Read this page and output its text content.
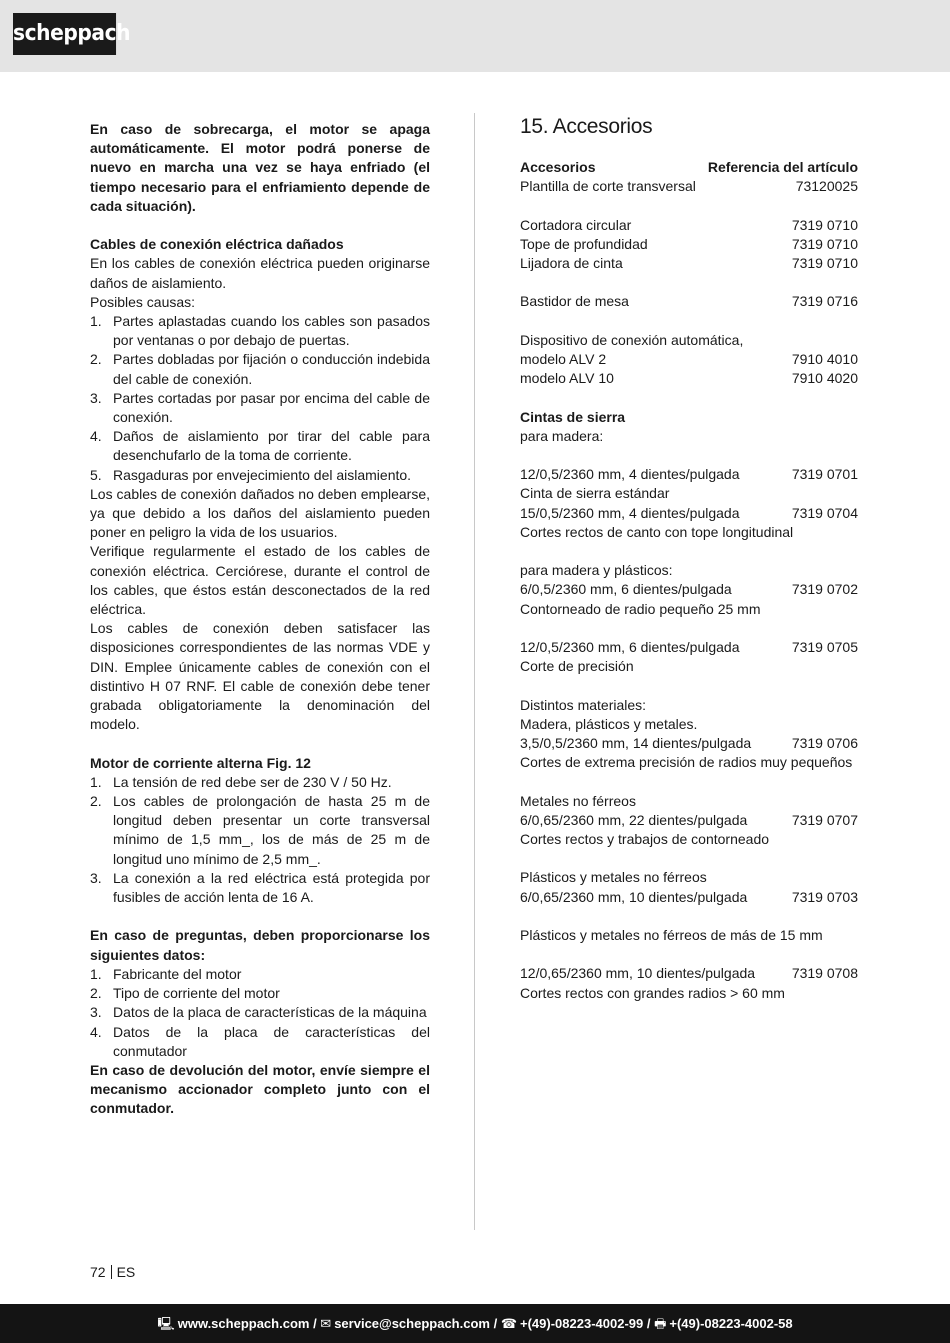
scheppach
En caso de sobrecarga, el motor se apaga automáticamente. El motor podrá ponerse de nuevo en marcha una vez se haya enfriado (el tiempo necesario para el enfriamiento depende de cada situación).
Cables de conexión eléctrica dañados
En los cables de conexión eléctrica pueden originarse daños de aislamiento.
Posibles causas:
1. Partes aplastadas cuando los cables son pasados por ventanas o por debajo de puertas.
2. Partes dobladas por fijación o conducción indebida del cable de conexión.
3. Partes cortadas por pasar por encima del cable de conexión.
4. Daños de aislamiento por tirar del cable para desenchufarlo de la toma de corriente.
5. Rasgaduras por envejecimiento del aislamiento.
Los cables de conexión dañados no deben emplearse, ya que debido a los daños del aislamiento pueden poner en peligro la vida de los usuarios.
Verifique regularmente el estado de los cables de conexión eléctrica. Cerciórese, durante el control de los cables, que éstos están desconectados de la red eléctrica.
Los cables de conexión deben satisfacer las disposiciones correspondientes de las normas VDE y DIN. Emplee únicamente cables de conexión con el distintivo H 07 RNF. El cable de conexión debe tener grabada obligatoriamente la denominación del modelo.
Motor de corriente alterna Fig. 12
1. La tensión de red debe ser de 230 V / 50 Hz.
2. Los cables de prolongación de hasta 25 m de longitud deben presentar un corte transversal mínimo de 1,5 mm_, los de más de 25 m de longitud uno mínimo de 2,5 mm_.
3. La conexión a la red eléctrica está protegida por fusibles de acción lenta de 16 A.
En caso de preguntas, deben proporcionarse los siguientes datos:
1. Fabricante del motor
2. Tipo de corriente del motor
3. Datos de la placa de características de la máquina
4. Datos de la placa de características del conmutador
En caso de devolución del motor, envíe siempre el mecanismo accionador completo junto con el conmutador.
15. Accesorios
Accesorios	Referencia del artículo
Plantilla de corte transversal	73120025
Cortadora circular	7319 0710
Tope de profundidad	7319 0710
Lijadora de cinta	7319 0710
Bastidor de mesa	7319 0716
Dispositivo de conexión automática,
modelo ALV 2	7910 4010
modelo ALV 10	7910 4020
Cintas de sierra
para madera:
12/0,5/2360 mm, 4 dientes/pulgada	7319 0701
Cinta de sierra estándar
15/0,5/2360 mm, 4 dientes/pulgada	7319 0704
Cortes rectos de canto con tope longitudinal
para madera y plásticos:
6/0,5/2360 mm, 6 dientes/pulgada	7319 0702
Contorneado de radio pequeño 25 mm
12/0,5/2360 mm, 6 dientes/pulgada	7319 0705
Corte de precisión
Distintos materiales:
Madera, plásticos y metales.
3,5/0,5/2360 mm, 14 dientes/pulgada	7319 0706
Cortes de extrema precisión de radios muy pequeños
Metales no férreos
6/0,65/2360 mm, 22 dientes/pulgada	7319 0707
Cortes rectos y trabajos de contorneado
Plásticos y metales no férreos
6/0,65/2360 mm, 10 dientes/pulgada	7319 0703
Plásticos y metales no férreos de más de 15 mm
12/0,65/2360 mm, 10 dientes/pulgada	7319 0708
Cortes rectos con grandes radios > 60 mm
72 ES
🖳 www.scheppach.com / ✉ service@scheppach.com / ☎ +(49)-08223-4002-99 / 🖶 +(49)-08223-4002-58
